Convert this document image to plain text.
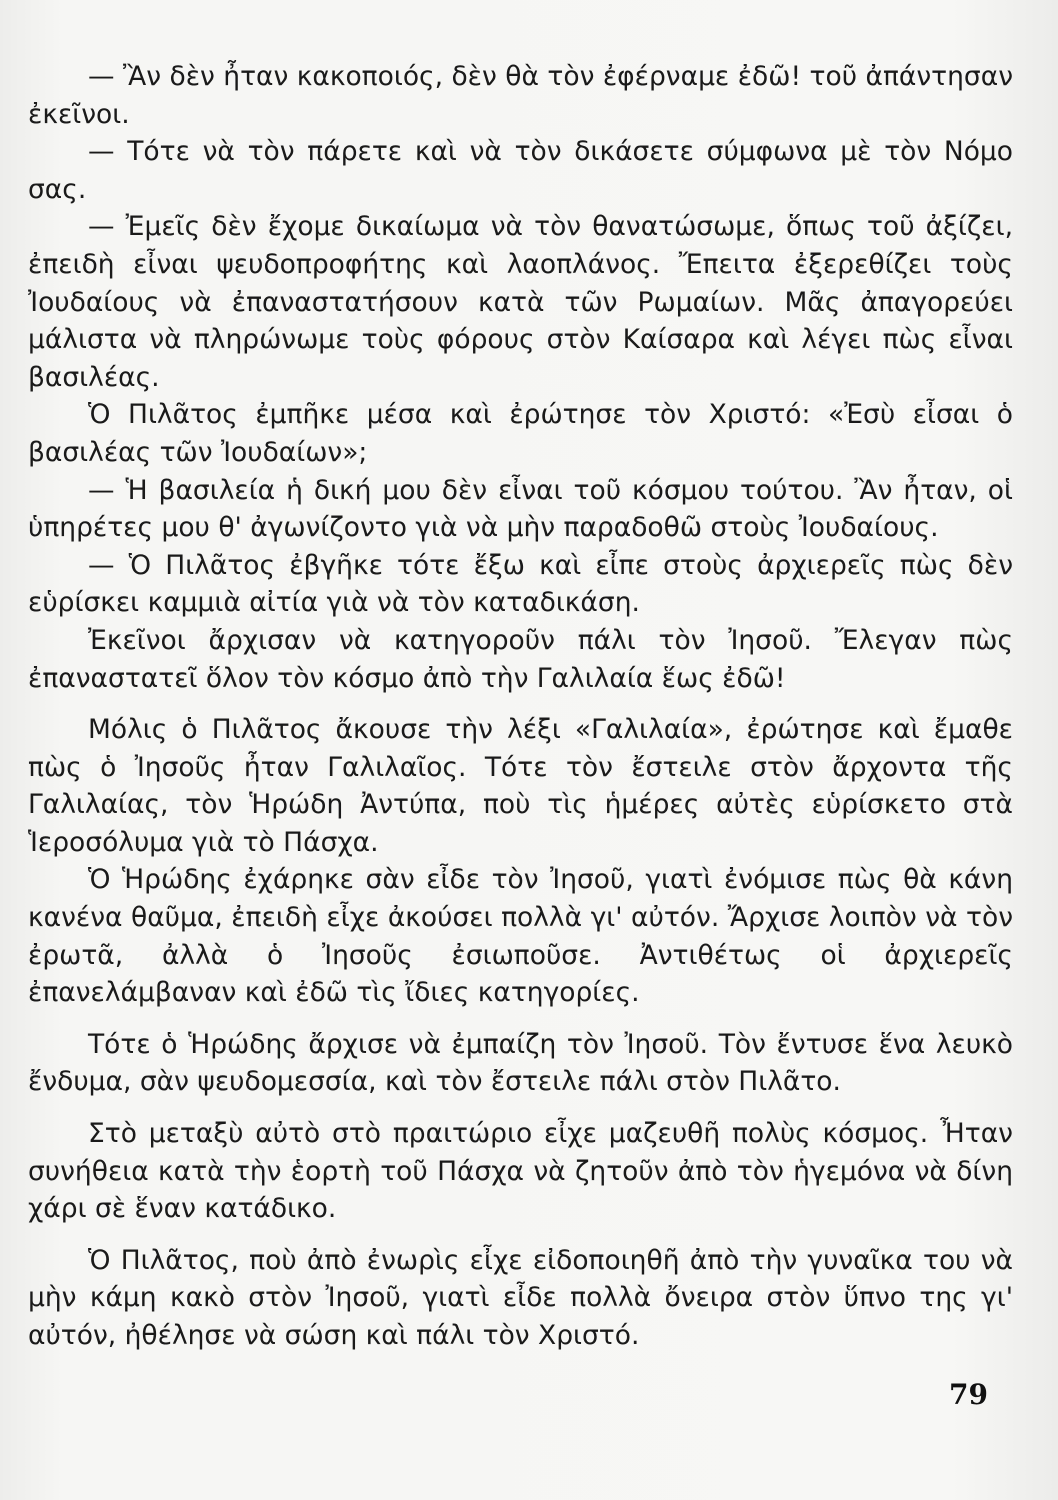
— Ἂν δὲν ἦταν κακοποιός, δὲν θὰ τὸν ἐφέρναμε ἐδῶ! τοῦ ἀπάντησαν ἐκεῖνοι.

— Τότε νὰ τὸν πάρετε καὶ νὰ τὸν δικάσετε σύμφωνα μὲ τὸν Νόμο σας.

— Ἐμεῖς δὲν ἔχομε δικαίωμα νὰ τὸν θανατώσωμε, ὅπως τοῦ ἀξίζει, ἐπειδὴ εἶναι ψευδοπροφήτης καὶ λαοπλάνος. Ἔπειτα ἐξερεθίζει τοὺς Ἰουδαίους νὰ ἐπαναστατήσουν κατὰ τῶν Ρωμαίων. Μᾶς ἀπαγορεύει μάλιστα νὰ πληρώνωμε τοὺς φόρους στὸν Καίσαρα καὶ λέγει πὼς εἶναι βασιλέας.

Ὁ Πιλᾶτος ἐμπῆκε μέσα καὶ ἐρώτησε τὸν Χριστό: «Ἐσὺ εἶσαι ὁ βασιλέας τῶν Ἰουδαίων»;

— Ἡ βασιλεία ἡ δική μου δὲν εἶναι τοῦ κόσμου τούτου. Ἂν ἦταν, οἱ ὑπηρέτες μου θ' ἀγωνίζοντο γιὰ νὰ μὴν παραδοθῶ στοὺς Ἰουδαίους.

— Ὁ Πιλᾶτος ἐβγῆκε τότε ἔξω καὶ εἶπε στοὺς ἀρχιερεῖς πὼς δὲν εὑρίσκει καμμιὰ αἰτία γιὰ νὰ τὸν καταδικάση.

Ἐκεῖνοι ἄρχισαν νὰ κατηγοροῦν πάλι τὸν Ἰησοῦ. Ἔλεγαν πὼς ἐπαναστατεῖ ὅλον τὸν κόσμο ἀπὸ τὴν Γαλιλαία ἕως ἐδῶ!

Μόλις ὁ Πιλᾶτος ἄκουσε τὴν λέξι «Γαλιλαία», ἐρώτησε καὶ ἔμαθε πὼς ὁ Ἰησοῦς ἦταν Γαλιλαῖος. Τότε τὸν ἔστειλε στὸν ἄρχοντα τῆς Γαλιλαίας, τὸν Ἡρώδη Ἀντύπα, ποὺ τὶς ἡμέρες αὐτὲς εὑρίσκετο στὰ Ἱεροσόλυμα γιὰ τὸ Πάσχα.

Ὁ Ἡρώδης ἐχάρηκε σὰν εἶδε τὸν Ἰησοῦ, γιατὶ ἐνόμισε πὼς θὰ κάνη κανένα θαῦμα, ἐπειδὴ εἶχε ἀκούσει πολλὰ γι' αὐτόν. Ἄρχισε λοιπὸν νὰ τὸν ἐρωτᾶ, ἀλλὰ ὁ Ἰησοῦς ἐσιωποῦσε. Ἀντιθέτως οἱ ἀρχιερεῖς ἐπανελάμβαναν καὶ ἐδῶ τὶς ἴδιες κατηγορίες.

Τότε ὁ Ἡρώδης ἄρχισε νὰ ἐμπαίζη τὸν Ἰησοῦ. Τὸν ἔντυσε ἕνα λευκὸ ἔνδυμα, σὰν ψευδομεσσία, καὶ τὸν ἔστειλε πάλι στὸν Πιλᾶτο.

Στὸ μεταξὺ αὐτὸ στὸ πραιτώριο εἶχε μαζευθῆ πολὺς κόσμος. Ἦταν συνήθεια κατὰ τὴν ἑορτὴ τοῦ Πάσχα νὰ ζητοῦν ἀπὸ τὸν ἡγεμόνα νὰ δίνη χάρι σὲ ἕναν κατάδικο.

Ὁ Πιλᾶτος, ποὺ ἀπὸ ἐνωρὶς εἶχε εἰδοποιηθῆ ἀπὸ τὴν γυναῖκα του νὰ μὴν κάμη κακὸ στὸν Ἰησοῦ, γιατὶ εἶδε πολλὰ ὄνειρα στὸν ὕπνο της γι' αὐτόν, ἠθέλησε νὰ σώση καὶ πάλι τὸν Χριστό.

79
